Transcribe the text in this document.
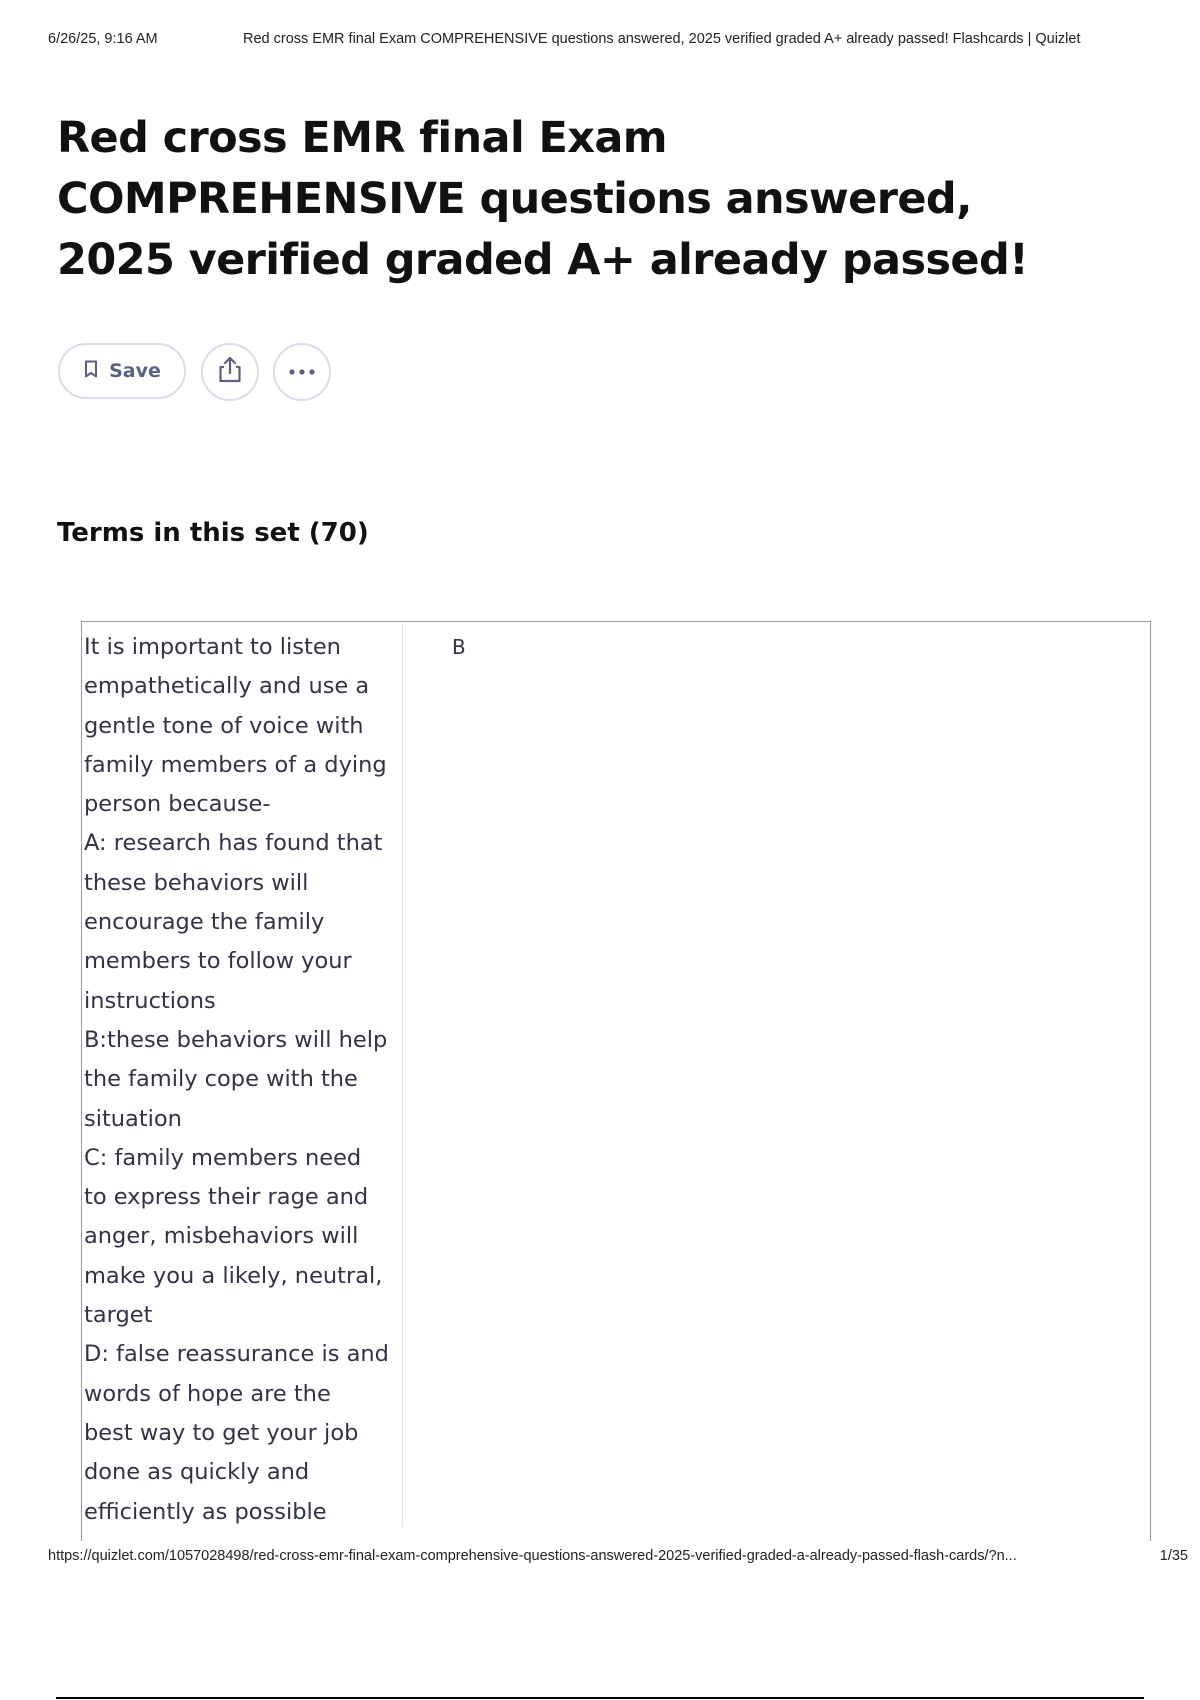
6/26/25, 9:16 AM	Red cross EMR final Exam COMPREHENSIVE questions answered, 2025 verified graded A+ already passed! Flashcards | Quizlet
Red cross EMR final Exam COMPREHENSIVE questions answered, 2025 verified graded A+ already passed!
Save
Terms in this set (70)
It is important to listen
empathetically and use a
gentle tone of voice with
family members of a dying
person because-
A: research has found that
these behaviors will
encourage the family
members to follow your
instructions
B:these behaviors will help
the family cope with the
situation
C: family members need
to express their rage and
anger, misbehaviors will
make you a likely, neutral,
target
D: false reassurance is and
words of hope are the
best way to get your job
done as quickly and
efficiently as possible
B
https://quizlet.com/1057028498/red-cross-emr-final-exam-comprehensive-questions-answered-2025-verified-graded-a-already-passed-flash-cards/?n...	1/35
